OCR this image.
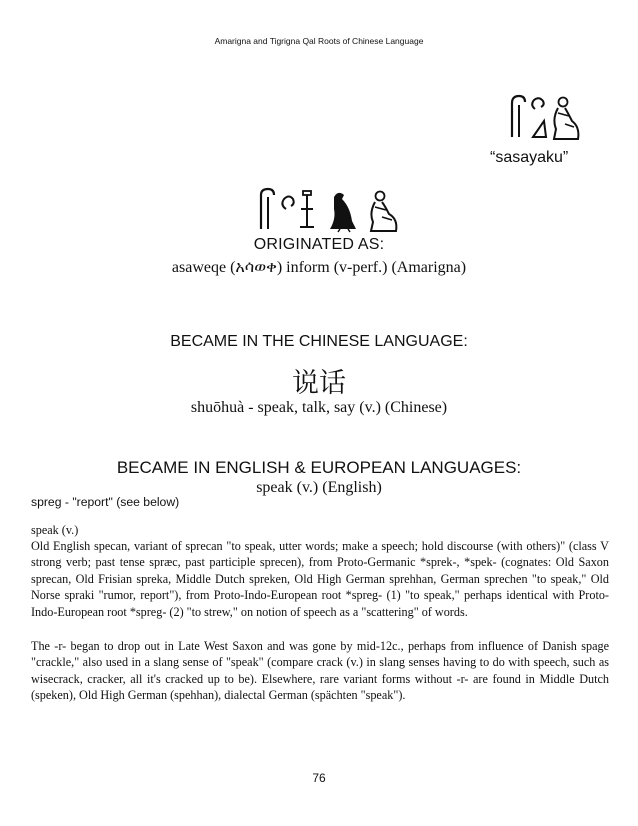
Amarigna and Tigrigna Qal Roots of Chinese Language
“sasayaku”
ORIGINATED AS:
asaweqe (አሳወቀ) inform (v-perf.) (Amarigna)
BECAME IN THE CHINESE LANGUAGE:
说话
shuōhuà - speak, talk, say (v.) (Chinese)
BECAME IN ENGLISH & EUROPEAN LANGUAGES:
speak (v.) (English)
spreg - "report" (see below)
speak (v.)
Old English specan, variant of sprecan "to speak, utter words; make a speech; hold discourse (with others)" (class V strong verb; past tense spræc, past participle sprecen), from Proto-Germanic *sprek-, *spek- (cognates: Old Saxon sprecan, Old Frisian spreka, Middle Dutch spreken, Old High German sprehhan, German sprechen "to speak," Old Norse spraki "rumor, report"), from Proto-Indo-European root *spreg- (1) "to speak," perhaps identical with Proto-Indo-European root *spreg- (2) "to strew," on notion of speech as a "scattering" of words.
The -r- began to drop out in Late West Saxon and was gone by mid-12c., perhaps from influence of Danish spage "crackle," also used in a slang sense of "speak" (compare crack (v.) in slang senses having to do with speech, such as wisecrack, cracker, all it's cracked up to be). Elsewhere, rare variant forms without -r- are found in Middle Dutch (speken), Old High German (spehhan), dialectal German (spächten "speak").
76
